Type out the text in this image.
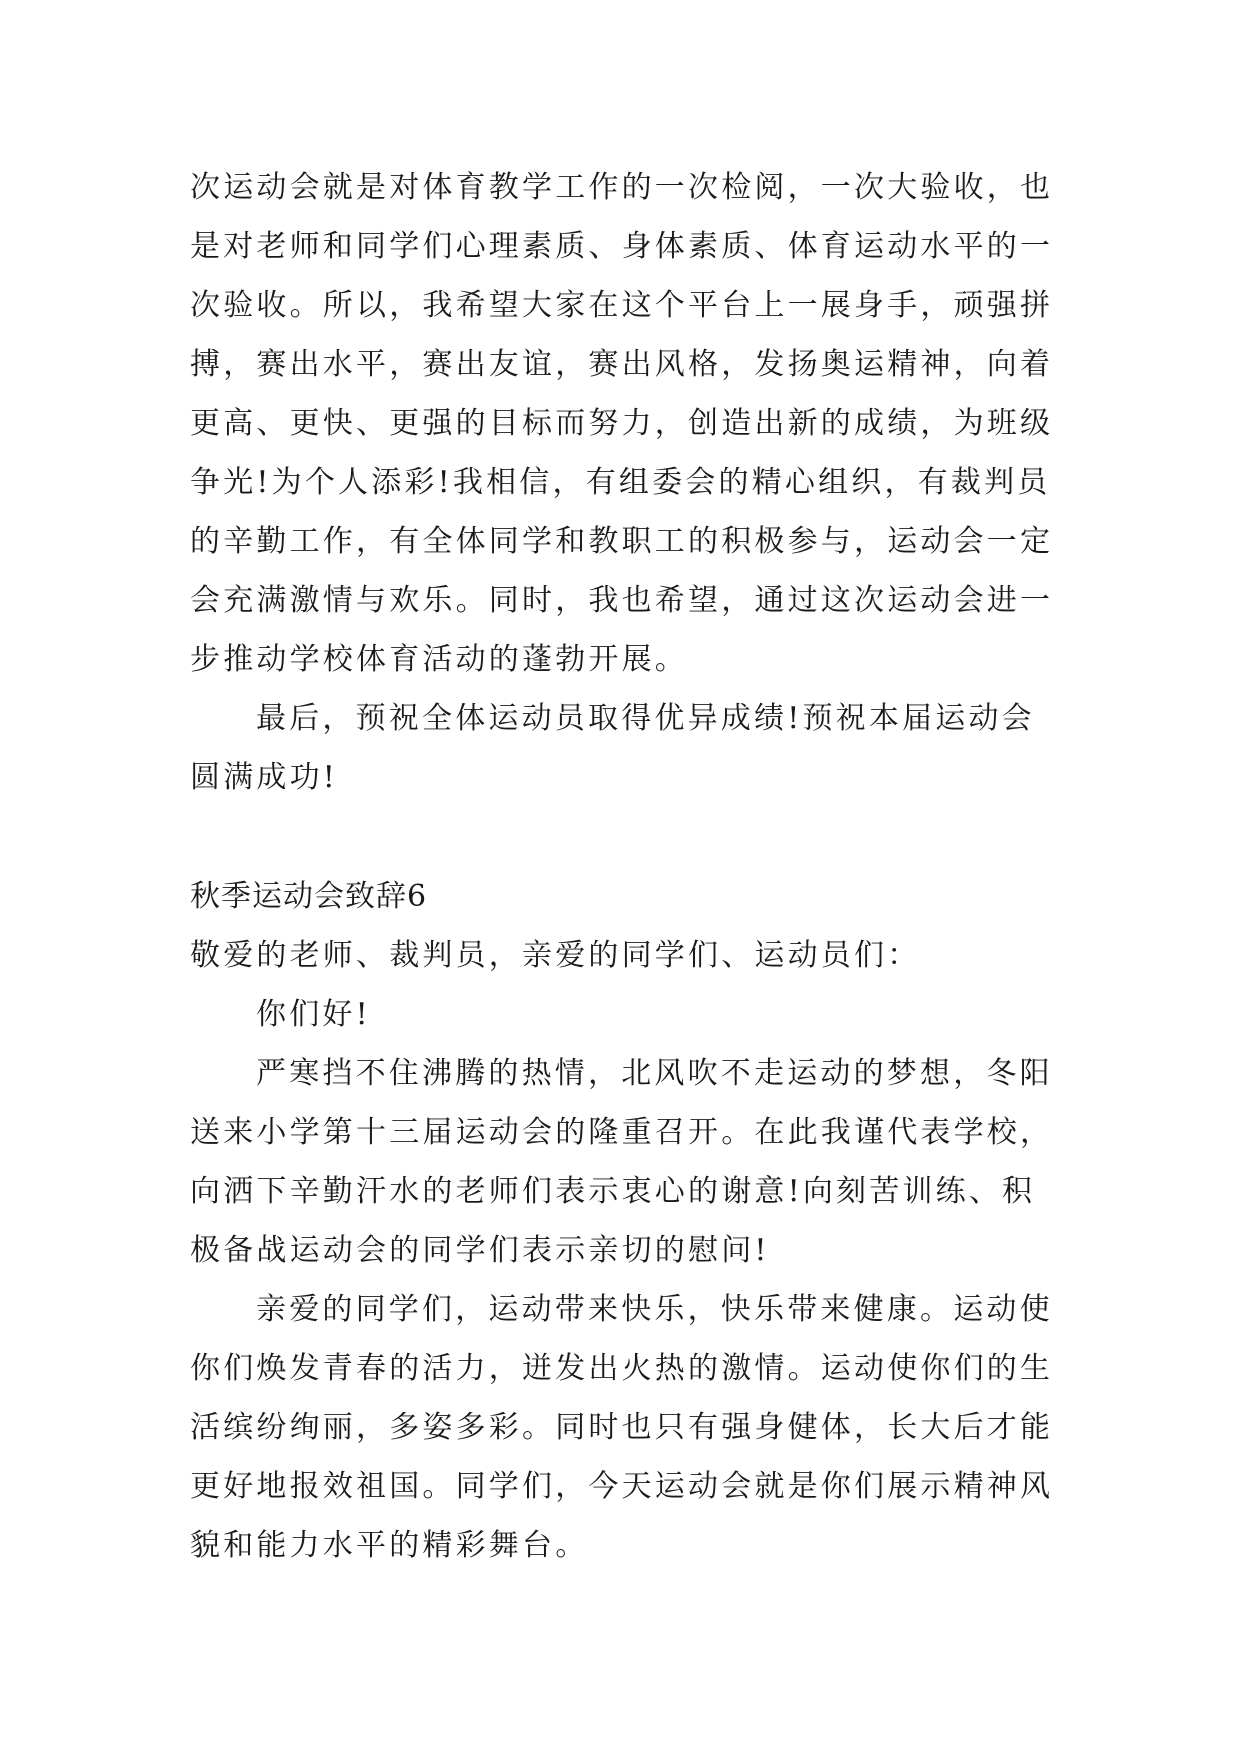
次运动会就是对体育教学工作的一次检阅，一次大验收，也
是对老师和同学们心理素质、身体素质、体育运动水平的一
次验收。所以，我希望大家在这个平台上一展身手，顽强拼
搏，赛出水平，赛出友谊，赛出风格，发扬奥运精神，向着
更高、更快、更强的目标而努力，创造出新的成绩，为班级
争光!为个人添彩!我相信，有组委会的精心组织，有裁判员
的辛勤工作，有全体同学和教职工的积极参与，运动会一定
会充满激情与欢乐。同时，我也希望，通过这次运动会进一
步推动学校体育活动的蓬勃开展。
最后，预祝全体运动员取得优异成绩!预祝本届运动会
圆满成功!
秋季运动会致辞6
敬爱的老师、裁判员，亲爱的同学们、运动员们：
你们好!
严寒挡不住沸腾的热情，北风吹不走运动的梦想，冬阳
送来小学第十三届运动会的隆重召开。在此我谨代表学校，
向洒下辛勤汗水的老师们表示衷心的谢意!向刻苦训练、积
极备战运动会的同学们表示亲切的慰问!
亲爱的同学们，运动带来快乐，快乐带来健康。运动使
你们焕发青春的活力，迸发出火热的激情。运动使你们的生
活缤纷绚丽，多姿多彩。同时也只有强身健体，长大后才能
更好地报效祖国。同学们，今天运动会就是你们展示精神风
貌和能力水平的精彩舞台。
